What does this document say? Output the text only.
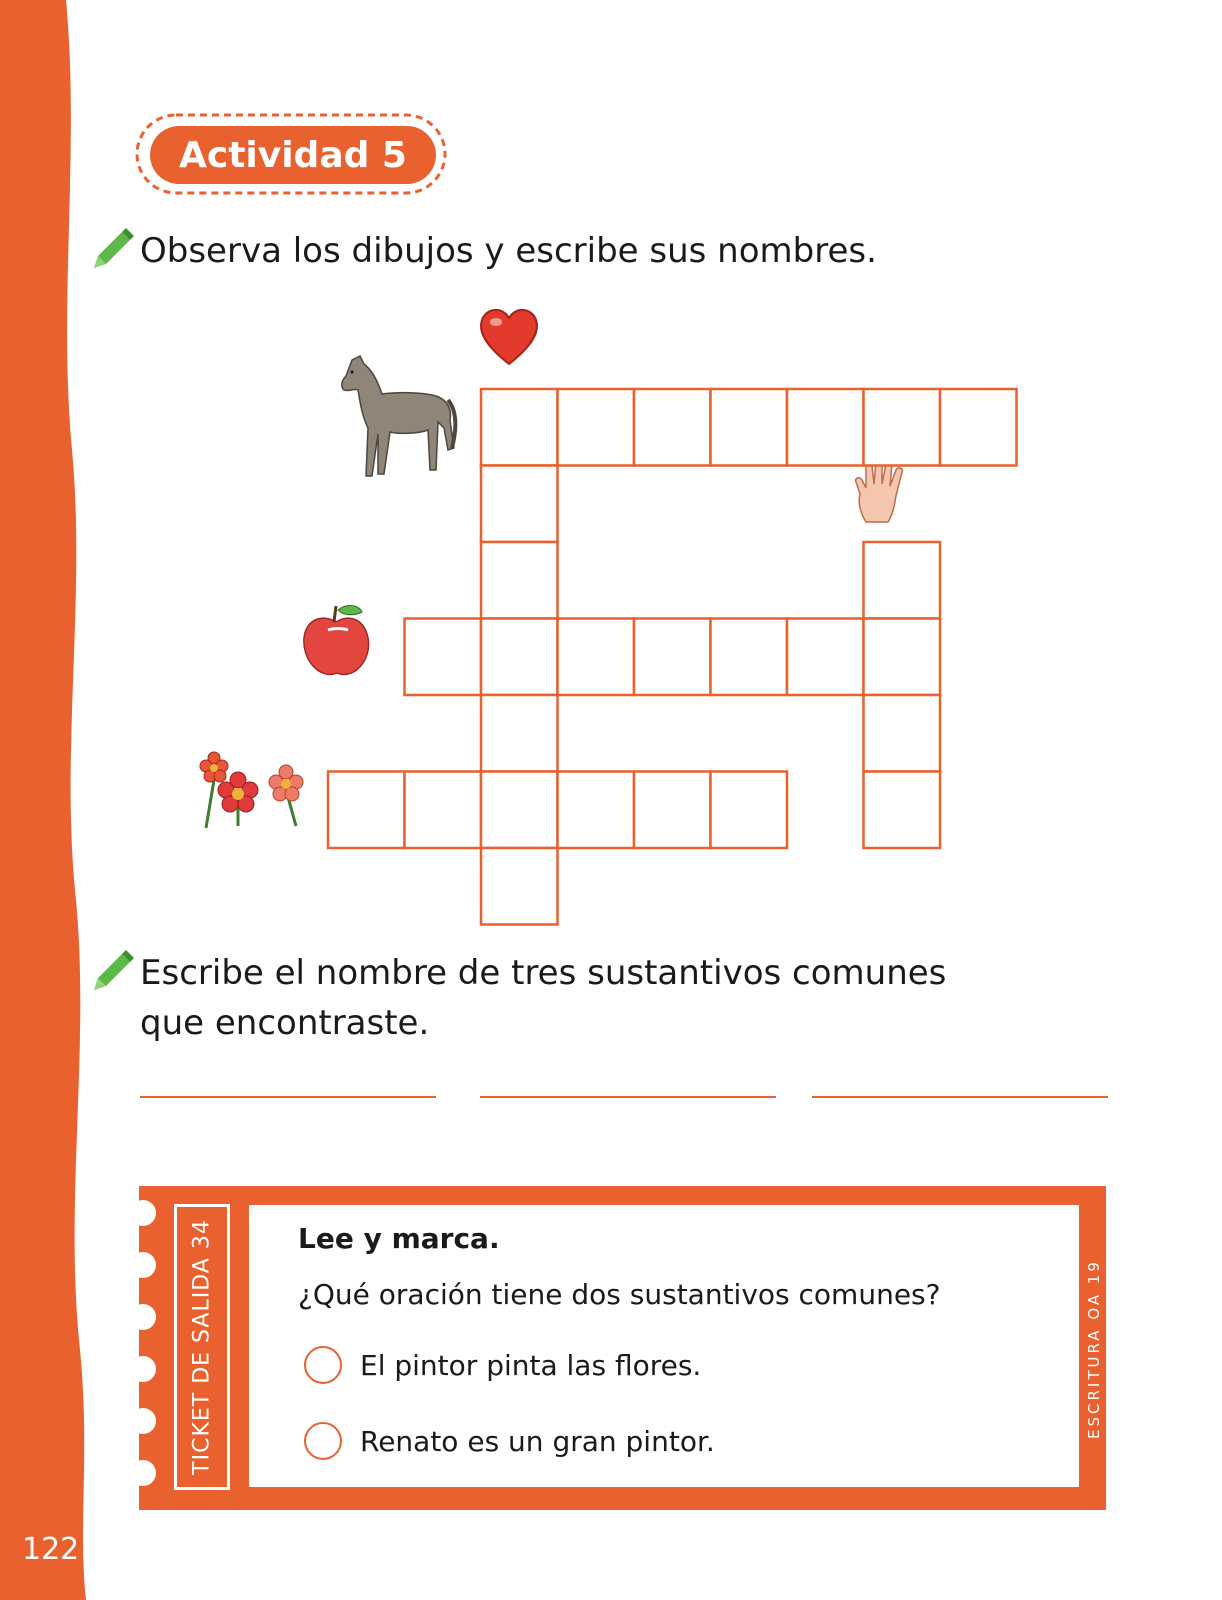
122
Actividad 5
Observa los dibujos y escribe sus nombres.
Escribe el nombre de tres sustantivos comunes
que encontraste.
TICKET DE SALIDA 34	ESCRITURA OA 19
Lee y marca.
¿Qué oración tiene dos sustantivos comunes?
El pintor pinta las flores.
Renato es un gran pintor.
